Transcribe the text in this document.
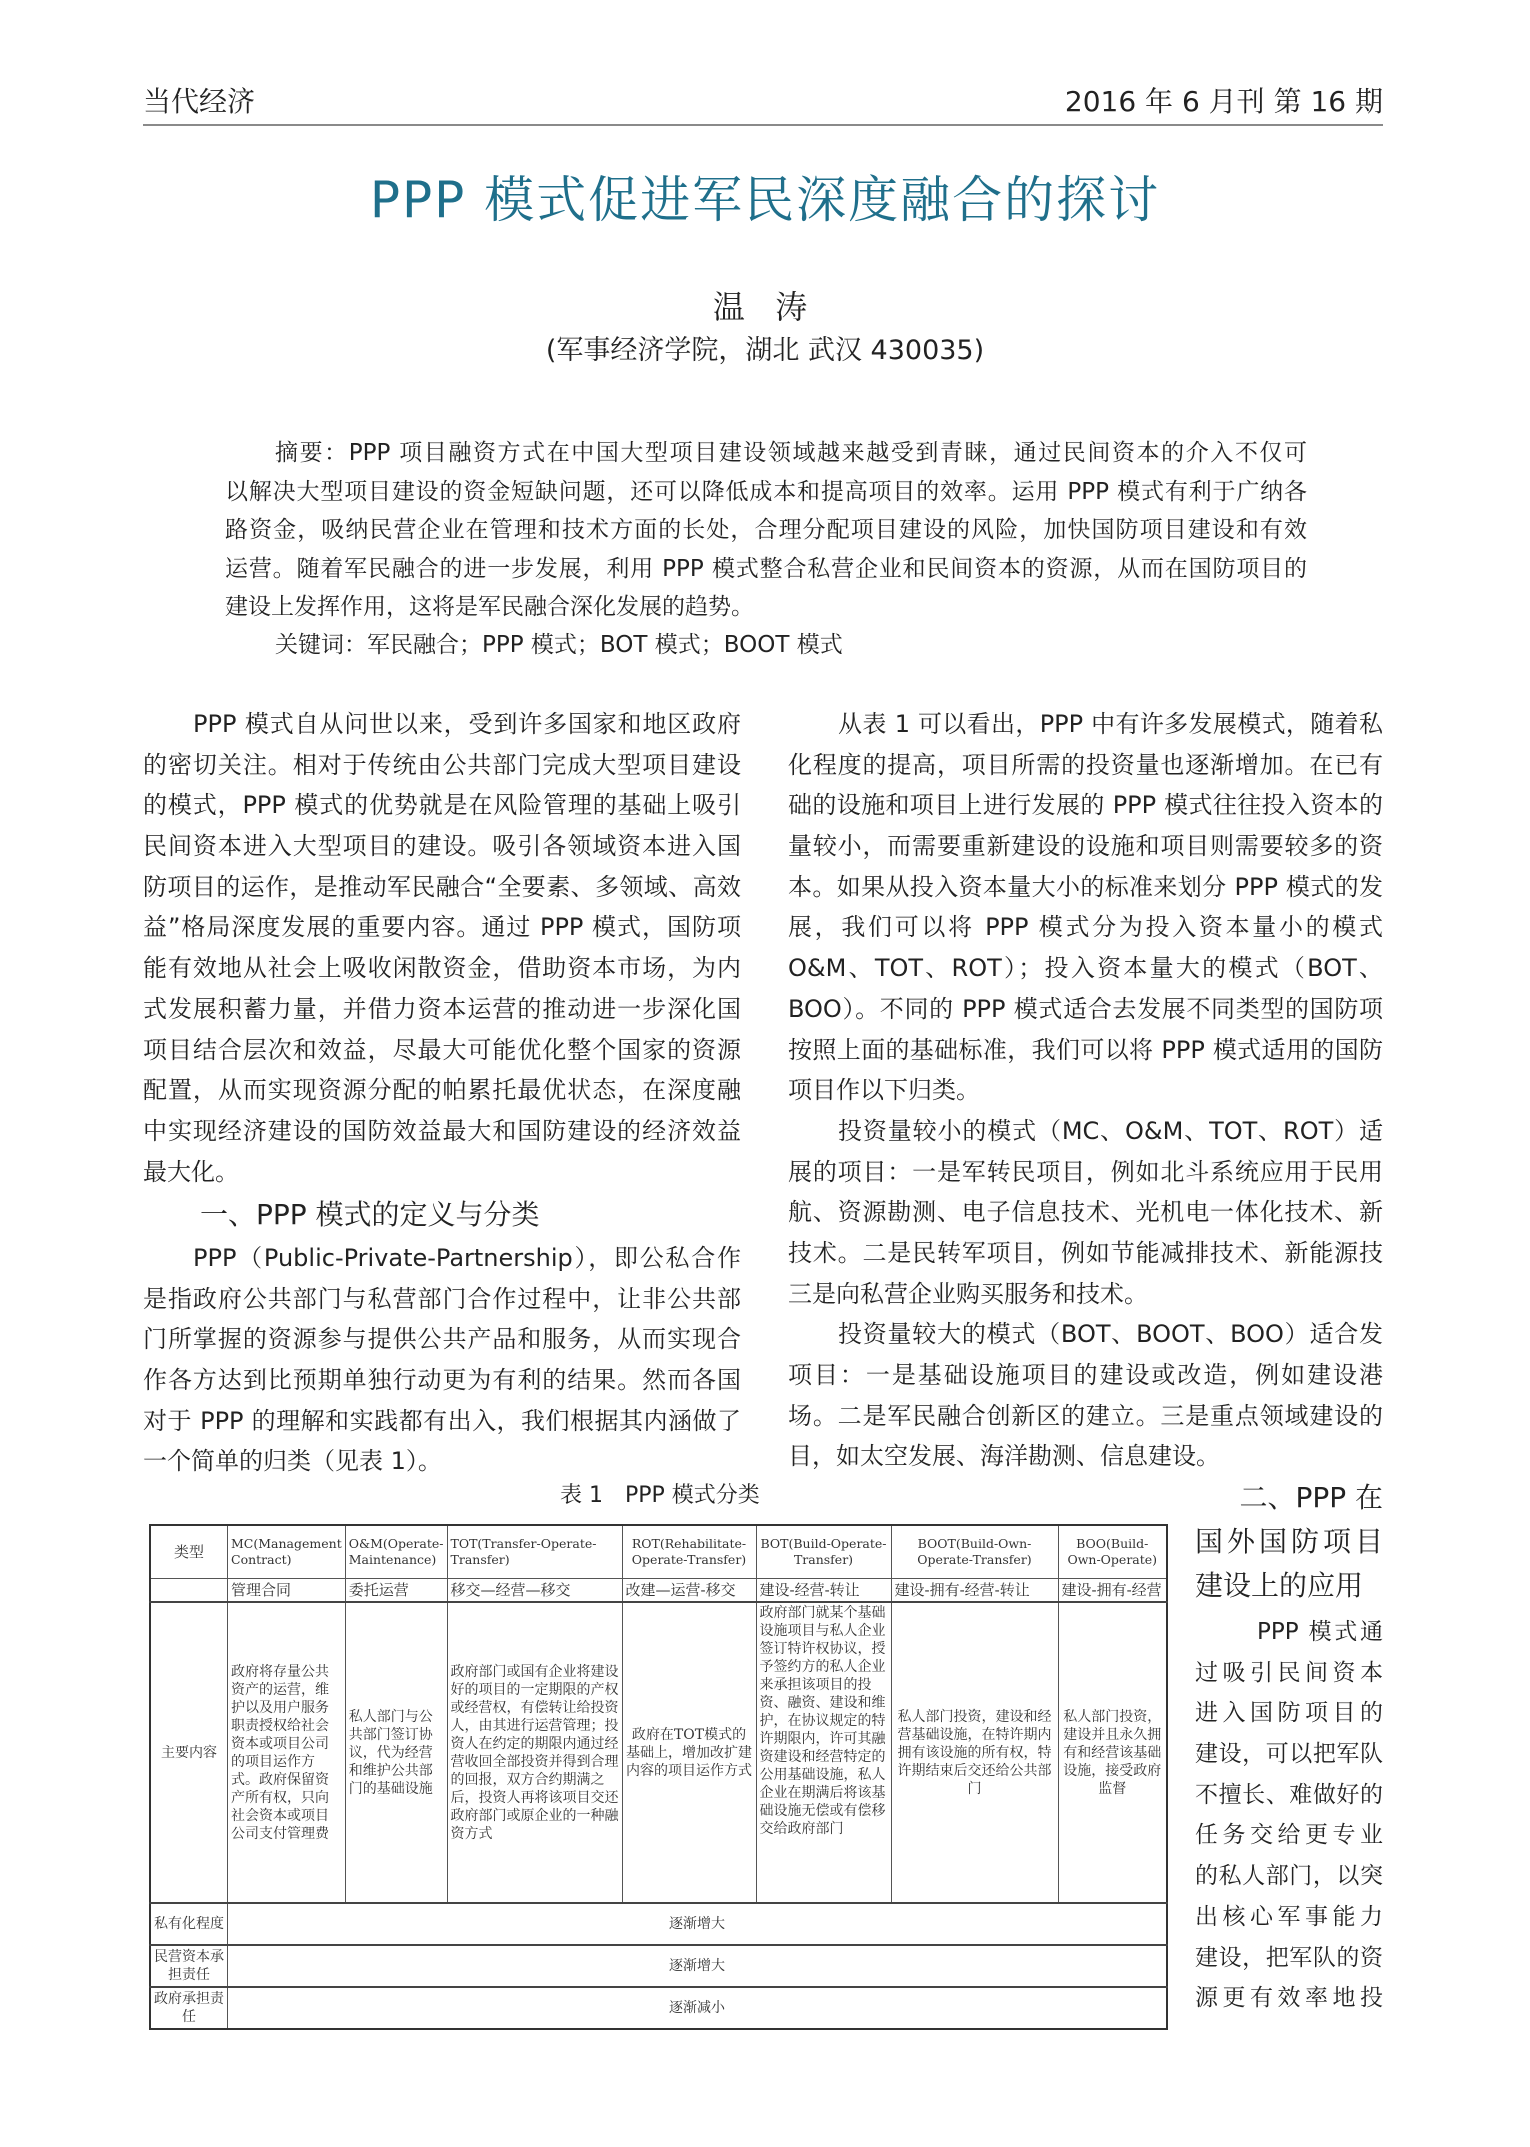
当代经济	2016 年 6 月刊 第 16 期
PPP 模式促进军民深度融合的探讨
温 涛
(军事经济学院，湖北 武汉 430035)
摘要：PPP 项目融资方式在中国大型项目建设领域越来越受到青睐，通过民间资本的介入不仅可
以解决大型项目建设的资金短缺问题，还可以降低成本和提高项目的效率。运用 PPP 模式有利于广纳各
路资金，吸纳民营企业在管理和技术方面的长处，合理分配项目建设的风险，加快国防项目建设和有效
运营。随着军民融合的进一步发展，利用 PPP 模式整合私营企业和民间资本的资源，从而在国防项目的
建设上发挥作用，这将是军民融合深化发展的趋势。
关键词：军民融合；PPP 模式；BOT 模式；BOOT 模式
PPP 模式自从问世以来，受到许多国家和地区政府
的密切关注。相对于传统由公共部门完成大型项目建设
的模式，PPP 模式的优势就是在风险管理的基础上吸引
民间资本进入大型项目的建设。吸引各领域资本进入国
防项目的运作，是推动军民融合“全要素、多领域、高效
益”格局深度发展的重要内容。通过 PPP 模式，国防项
能有效地从社会上吸收闲散资金，借助资本市场，为内
式发展积蓄力量，并借力资本运营的推动进一步深化国
项目结合层次和效益，尽最大可能优化整个国家的资源
配置，从而实现资源分配的帕累托最优状态，在深度融
中实现经济建设的国防效益最大和国防建设的经济效益
最大化。
一、PPP 模式的定义与分类
PPP（Public-Private-Partnership），即公私合作
是指政府公共部门与私营部门合作过程中，让非公共部
门所掌握的资源参与提供公共产品和服务，从而实现合
作各方达到比预期单独行动更为有利的结果。然而各国
对于 PPP 的理解和实践都有出入，我们根据其内涵做了
一个简单的归类（见表 1）。
从表 1 可以看出，PPP 中有许多发展模式，随着私
化程度的提高，项目所需的投资量也逐渐增加。在已有
础的设施和项目上进行发展的 PPP 模式往往投入资本的
量较小，而需要重新建设的设施和项目则需要较多的资
本。如果从投入资本量大小的标准来划分 PPP 模式的发
展，我们可以将 PPP 模式分为投入资本量小的模式
O&M、TOT、ROT）；投入资本量大的模式（BOT、
BOO）。不同的 PPP 模式适合去发展不同类型的国防项
按照上面的基础标准，我们可以将 PPP 模式适用的国防
项目作以下归类。
投资量较小的模式（MC、O&M、TOT、ROT）适
展的项目：一是军转民项目，例如北斗系统应用于民用
航、资源勘测、电子信息技术、光机电一体化技术、新
技术。二是民转军项目，例如节能减排技术、新能源技
三是向私营企业购买服务和技术。
投资量较大的模式（BOT、BOOT、BOO）适合发
项目：一是基础设施项目的建设或改造，例如建设港
场。二是军民融合创新区的建立。三是重点领域建设的
目，如太空发展、海洋勘测、信息建设。
表 1　PPP 模式分类
类型	MC(Management Contract)	O&M(Operate-Maintenance)	TOT(Transfer-Operate-Transfer)	ROT(Rehabilitate-Operate-Transfer)	BOT(Build-Operate-Transfer)	BOOT(Build-Own-Operate-Transfer)	BOO(Build-Own-Operate)
	管理合同	委托运营	移交—经营—移交	改建—运营-移交	建设-经营-转让	建设-拥有-经营-转让	建设-拥有-经营
主要内容	政府将存量公共资产的运营，维护以及用户服务职责授权给社会资本或项目公司的项目运作方式。政府保留资产所有权，只向社会资本或项目公司支付管理费	私人部门与公共部门签订协议，代为经营和维护公共部门的基础设施	政府部门或国有企业将建设好的项目的一定期限的产权或经营权，有偿转让给投资人，由其进行运营管理；投资人在约定的期限内通过经营收回全部投资并得到合理的回报，双方合约期满之后，投资人再将该项目交还政府部门或原企业的一种融资方式	政府在TOT模式的基础上，增加改扩建内容的项目运作方式	政府部门就某个基础设施项目与私人企业签订特许权协议，授予签约方的私人企业来承担该项目的投资、融资、建设和维护，在协议规定的特许期限内，许可其融资建设和经营特定的公用基础设施，私人企业在期满后将该基础设施无偿或有偿移交给政府部门	私人部门投资，建设和经营基础设施，在特许期内拥有该设施的所有权，特许期结束后交还给公共部门	私人部门投资，建设并且永久拥有和经营该基础设施，接受政府监督
私有化程度	逐渐增大						
民营资本承担责任	逐渐增大						
政府承担责任	逐渐减小						
二、PPP 在
国外国防项目
建设上的应用
PPP 模式通
过吸引民间资本
进入国防项目的
建设，可以把军队
不擅长、难做好的
任务交给更专业
的私人部门，以突
出核心军事能力
建设，把军队的资
源更有效率地投
